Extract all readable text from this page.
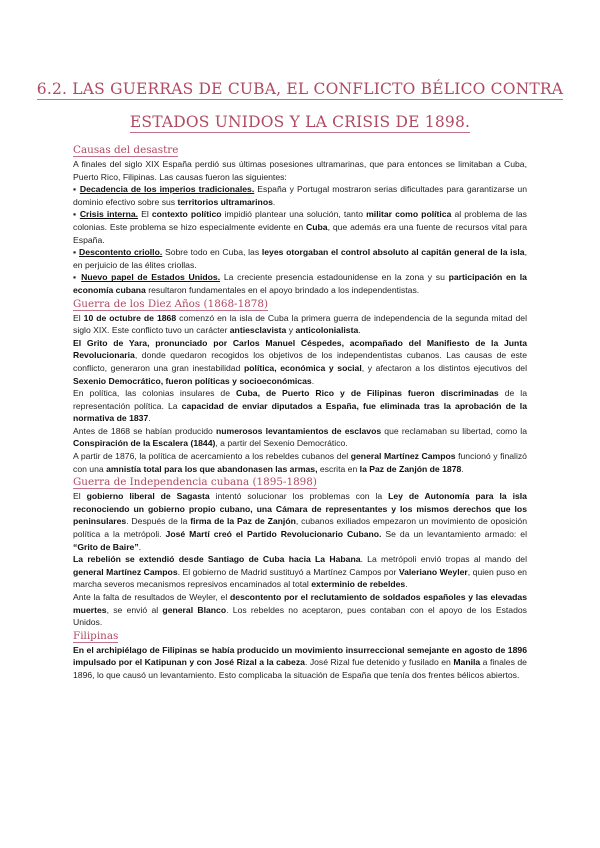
6.2. LAS GUERRAS DE CUBA, EL CONFLICTO BÉLICO CONTRA
ESTADOS UNIDOS Y LA CRISIS DE 1898.
Causas del desastre

A finales del siglo XIX España perdió sus últimas posesiones ultramarinas, que para entonces se limitaban a Cuba, Puerto Rico, Filipinas. Las causas fueron las siguientes:

▪ Decadencia de los imperios tradicionales. España y Portugal mostraron serias dificultades para garantizarse un dominio efectivo sobre sus territorios ultramarinos.

▪ Crisis interna. El contexto político impidió plantear una solución, tanto militar como política al problema de las colonias. Este problema se hizo especialmente evidente en Cuba, que además era una fuente de recursos vital para España.

▪ Descontento criollo. Sobre todo en Cuba, las leyes otorgaban el control absoluto al capitán general de la isla, en perjuicio de las élites criollas.

▪ Nuevo papel de Estados Unidos. La creciente presencia estadounidense en la zona y su participación en la economía cubana resultaron fundamentales en el apoyo brindado a los independentistas.

Guerra de los Diez Años (1868-1878)

El 10 de octubre de 1868 comenzó en la isla de Cuba la primera guerra de independencia de la segunda mitad del siglo XIX. Este conflicto tuvo un carácter antiesclavista y anticolonialista.

El Grito de Yara, pronunciado por Carlos Manuel Céspedes, acompañado del Manifiesto de la Junta Revolucionaria, donde quedaron recogidos los objetivos de los independentistas cubanos. Las causas de este conflicto, generaron una gran inestabilidad política, económica y social, y afectaron a los distintos ejecutivos del Sexenio Democrático, fueron políticas y socioeconómicas.

En política, las colonias insulares de Cuba, de Puerto Rico y de Filipinas fueron discriminadas de la representación política. La capacidad de enviar diputados a España, fue eliminada tras la aprobación de la normativa de 1837.

Antes de 1868 se habían producido numerosos levantamientos de esclavos que reclamaban su libertad, como la Conspiración de la Escalera (1844), a partir del Sexenio Democrático.

A partir de 1876, la política de acercamiento a los rebeldes cubanos del general Martínez Campos funcionó y finalizó con una amnistía total para los que abandonasen las armas, escrita en la Paz de Zanjón de 1878.

Guerra de Independencia cubana (1895-1898)

El gobierno liberal de Sagasta intentó solucionar los problemas con la Ley de Autonomía para la isla reconociendo un gobierno propio cubano, una Cámara de representantes y los mismos derechos que los peninsulares. Después de la firma de la Paz de Zanjón, cubanos exiliados empezaron un movimiento de oposición política a la metrópoli. José Martí creó el Partido Revolucionario Cubano. Se da un levantamiento armado: el “Grito de Baire”.

La rebelión se extendió desde Santiago de Cuba hacia La Habana. La metrópoli envió tropas al mando del general Martínez Campos. El gobierno de Madrid sustituyó a Martínez Campos por Valeriano Weyler, quien puso en marcha severos mecanismos represivos encaminados al total exterminio de rebeldes.

Ante la falta de resultados de Weyler, el descontento por el reclutamiento de soldados españoles y las elevadas muertes, se envió al general Blanco. Los rebeldes no aceptaron, pues contaban con el apoyo de los Estados Unidos.

Filipinas

En el archipiélago de Filipinas se había producido un movimiento insurreccional semejante en agosto de 1896 impulsado por el Katipunan y con José Rizal a la cabeza. José Rizal fue detenido y fusilado en Manila a finales de 1896, lo que causó un levantamiento. Esto complicaba la situación de España que tenía dos frentes bélicos abiertos.
